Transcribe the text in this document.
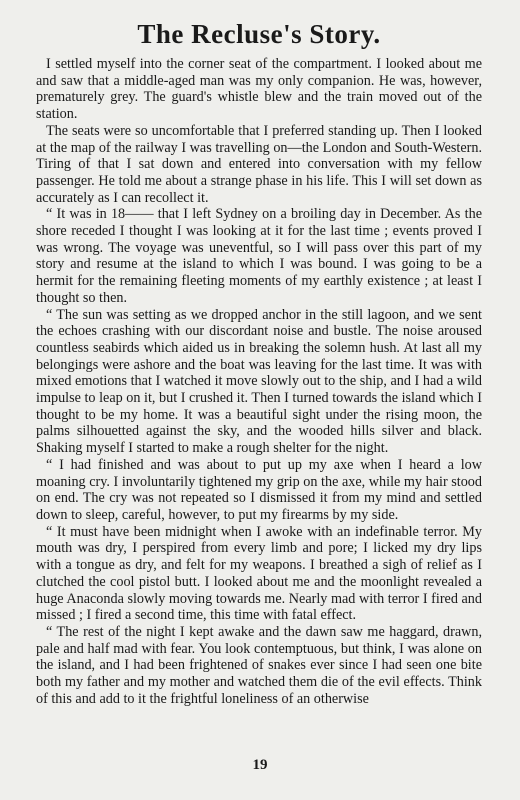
The Recluse's Story.

I settled myself into the corner seat of the compartment. I looked about me and saw that a middle-aged man was my only companion. He was, however, prematurely grey. The guard's whistle blew and the train moved out of the station.

The seats were so uncomfortable that I preferred standing up. Then I looked at the map of the railway I was travelling on—the London and South-Western. Tiring of that I sat down and entered into conversation with my fellow passenger. He told me about a strange phase in his life. This I will set down as accurately as I can recollect it.

“ It was in 18—— that I left Sydney on a broiling day in December. As the shore receded I thought I was looking at it for the last time ; events proved I was wrong. The voyage was uneventful, so I will pass over this part of my story and resume at the island to which I was bound. I was going to be a hermit for the remaining fleeting moments of my earthly existence ; at least I thought so then.

“ The sun was setting as we dropped anchor in the still lagoon, and we sent the echoes crashing with our discordant noise and bustle. The noise aroused countless seabirds which aided us in breaking the solemn hush. At last all my belongings were ashore and the boat was leaving for the last time. It was with mixed emotions that I watched it move slowly out to the ship, and I had a wild impulse to leap on it, but I crushed it. Then I turned towards the island which I thought to be my home. It was a beautiful sight under the rising moon, the palms silhouetted against the sky, and the wooded hills silver and black. Shaking myself I started to make a rough shelter for the night.

“ I had finished and was about to put up my axe when I heard a low moaning cry. I involuntarily tightened my grip on the axe, while my hair stood on end. The cry was not repeated so I dismissed it from my mind and settled down to sleep, careful, however, to put my firearms by my side.

“ It must have been midnight when I awoke with an indefinable terror. My mouth was dry, I perspired from every limb and pore; I licked my dry lips with a tongue as dry, and felt for my weapons. I breathed a sigh of relief as I clutched the cool pistol butt. I looked about me and the moonlight revealed a huge Anaconda slowly moving towards me. Nearly mad with terror I fired and missed ; I fired a second time, this time with fatal effect.

“ The rest of the night I kept awake and the dawn saw me haggard, drawn, pale and half mad with fear. You look contemptuous, but think, I was alone on the island, and I had been frightened of snakes ever since I had seen one bite both my father and my mother and watched them die of the evil effects. Think of this and add to it the frightful loneliness of an otherwise

19
